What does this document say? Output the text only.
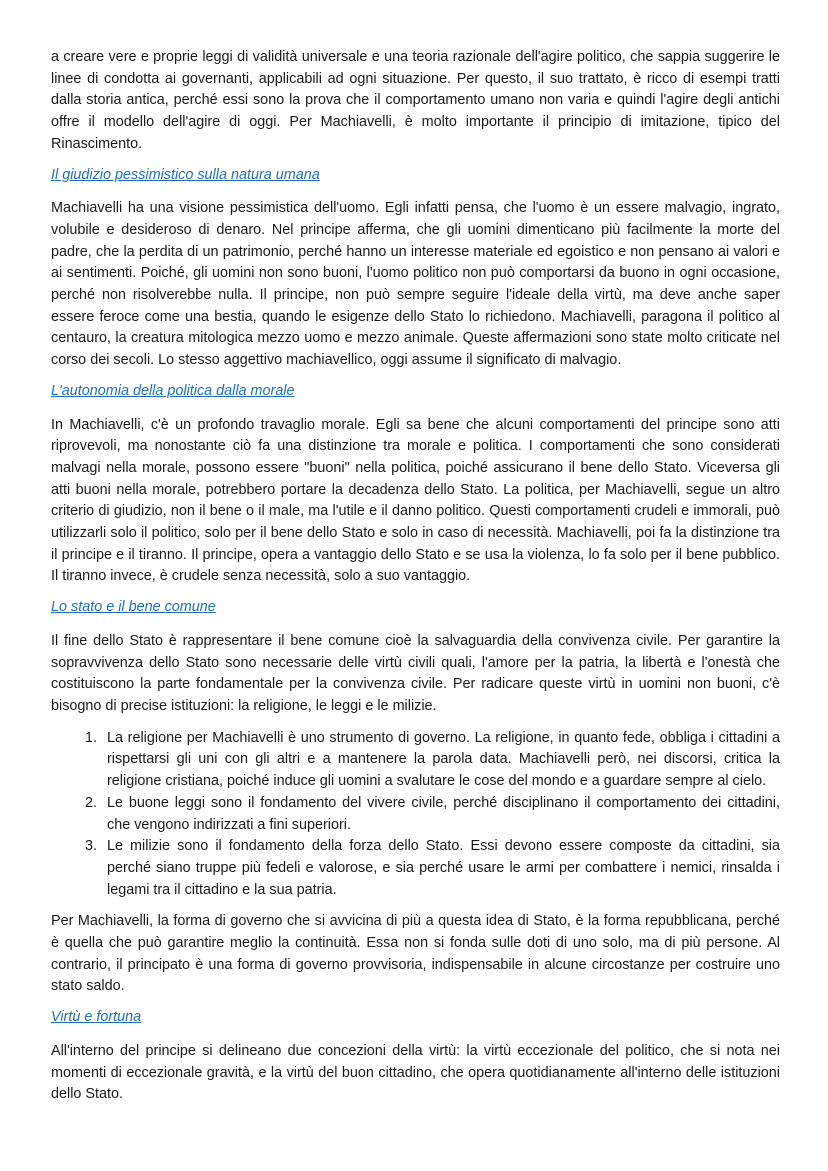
a creare vere e proprie leggi di validità universale e una teoria razionale dell'agire politico, che sappia suggerire le linee di condotta ai governanti, applicabili ad ogni situazione. Per questo, il suo trattato, è ricco di esempi tratti dalla storia antica, perché essi sono la prova che il comportamento umano non varia e quindi l'agire degli antichi offre il modello dell'agire di oggi. Per Machiavelli, è molto importante il principio di imitazione, tipico del Rinascimento.

Il giudizio pessimistico sulla natura umana

Machiavelli ha una visione pessimistica dell'uomo. Egli infatti pensa, che l'uomo è un essere malvagio, ingrato, volubile e desideroso di denaro. Nel principe afferma, che gli uomini dimenticano più facilmente la morte del padre, che la perdita di un patrimonio, perché hanno un interesse materiale ed egoistico e non pensano ai valori e ai sentimenti. Poiché, gli uomini non sono buoni, l'uomo politico non può comportarsi da buono in ogni occasione, perché non risolverebbe nulla. Il principe, non può sempre seguire l'ideale della virtù, ma deve anche saper essere feroce come una bestia, quando le esigenze dello Stato lo richiedono. Machiavelli, paragona il politico al centauro, la creatura mitologica mezzo uomo e mezzo animale. Queste affermazioni sono state molto criticate nel corso dei secoli. Lo stesso aggettivo machiavellico, oggi assume il significato di malvagio.

L'autonomia della politica dalla morale

In Machiavelli, c'è un profondo travaglio morale. Egli sa bene che alcuni comportamenti del principe sono atti riprovevoli, ma nonostante ciò fa una distinzione tra morale e politica. I comportamenti che sono considerati malvagi nella morale, possono essere "buoni" nella politica, poiché assicurano il bene dello Stato. Viceversa gli atti buoni nella morale, potrebbero portare la decadenza dello Stato. La politica, per Machiavelli, segue un altro criterio di giudizio, non il bene o il male, ma l'utile e il danno politico. Questi comportamenti crudeli e immorali, può utilizzarli solo il politico, solo per il bene dello Stato e solo in caso di necessità. Machiavelli, poi fa la distinzione tra il principe e il tiranno. Il principe, opera a vantaggio dello Stato e se usa la violenza, lo fa solo per il bene pubblico. Il tiranno invece, è crudele senza necessità, solo a suo vantaggio.

Lo stato e il bene comune

Il fine dello Stato è rappresentare il bene comune cioè la salvaguardia della convivenza civile. Per garantire la sopravvivenza dello Stato sono necessarie delle virtù civili quali, l'amore per la patria, la libertà e l'onestà che costituiscono la parte fondamentale per la convivenza civile. Per radicare queste virtù in uomini non buoni, c'è bisogno di precise istituzioni: la religione, le leggi e le milizie.

1. La religione per Machiavelli è uno strumento di governo. La religione, in quanto fede, obbliga i cittadini a rispettarsi gli uni con gli altri e a mantenere la parola data. Machiavelli però, nei discorsi, critica la religione cristiana, poiché induce gli uomini a svalutare le cose del mondo e a guardare sempre al cielo.
2. Le buone leggi sono il fondamento del vivere civile, perché disciplinano il comportamento dei cittadini, che vengono indirizzati a fini superiori.
3. Le milizie sono il fondamento della forza dello Stato. Essi devono essere composte da cittadini, sia perché siano truppe più fedeli e valorose, e sia perché usare le armi per combattere i nemici, rinsalda i legami tra il cittadino e la sua patria.

Per Machiavelli, la forma di governo che si avvicina di più a questa idea di Stato, è la forma repubblicana, perché è quella che può garantire meglio la continuità. Essa non si fonda sulle doti di uno solo, ma di più persone. Al contrario, il principato è una forma di governo provvisoria, indispensabile in alcune circostanze per costruire uno stato saldo.

Virtù e fortuna

All'interno del principe si delineano due concezioni della virtù: la virtù eccezionale del politico, che si nota nei momenti di eccezionale gravità, e la virtù del buon cittadino, che opera quotidianamente all'interno delle istituzioni dello Stato.
